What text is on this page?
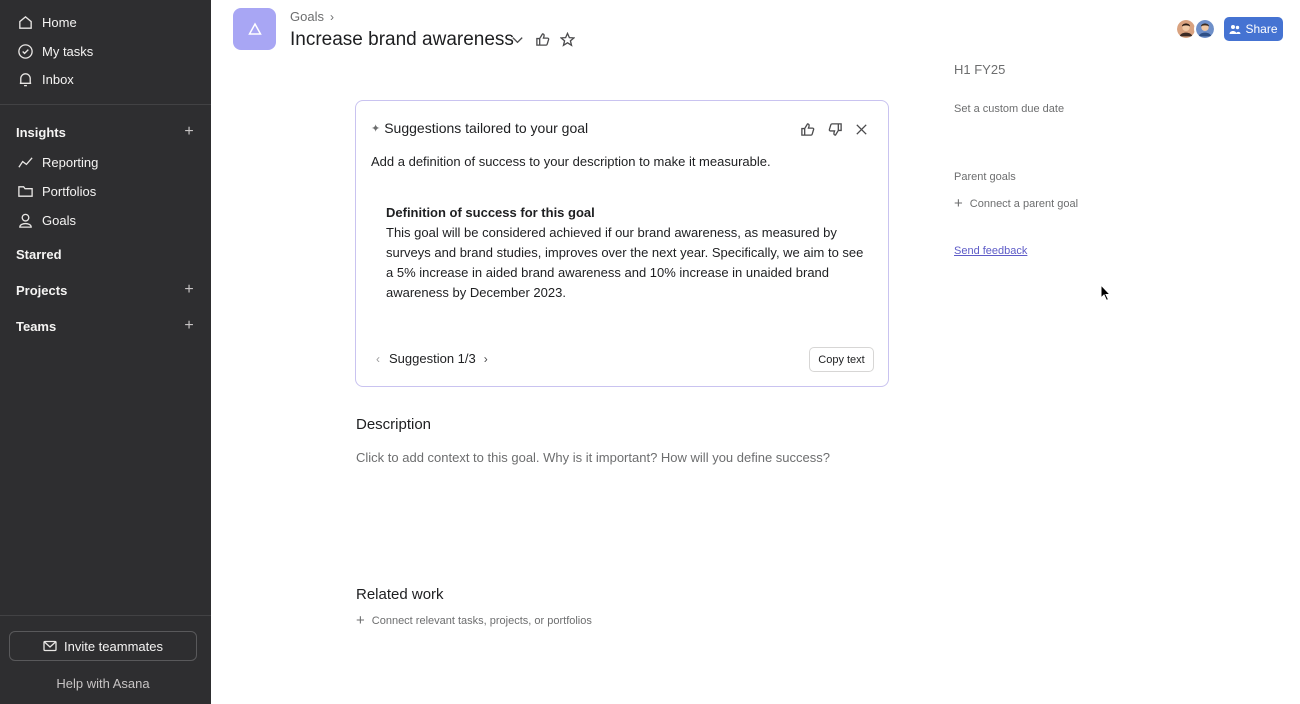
Home
My tasks
Inbox
Insights	+
Reporting
Portfolios
Goals
Starred
Projects	+
Teams	+
Invite teammates
Help with Asana
Goals ›
Increase brand awareness	Share
✦ Suggestions tailored to your goal
Add a definition of success to your description to make it measurable.
Definition of success for this goal
This goal will be considered achieved if our brand awareness, as measured by surveys and brand studies, improves over the next year. Specifically, we aim to see a 5% increase in aided brand awareness and 10% increase in unaided brand awareness by December 2023.
‹ Suggestion 1/3 ›	Copy text
Description
Click to add context to this goal. Why is it important? How will you define success?
Related work
+ Connect relevant tasks, projects, or portfolios
H1 FY25
Set a custom due date
Parent goals
+ Connect a parent goal
Send feedback
